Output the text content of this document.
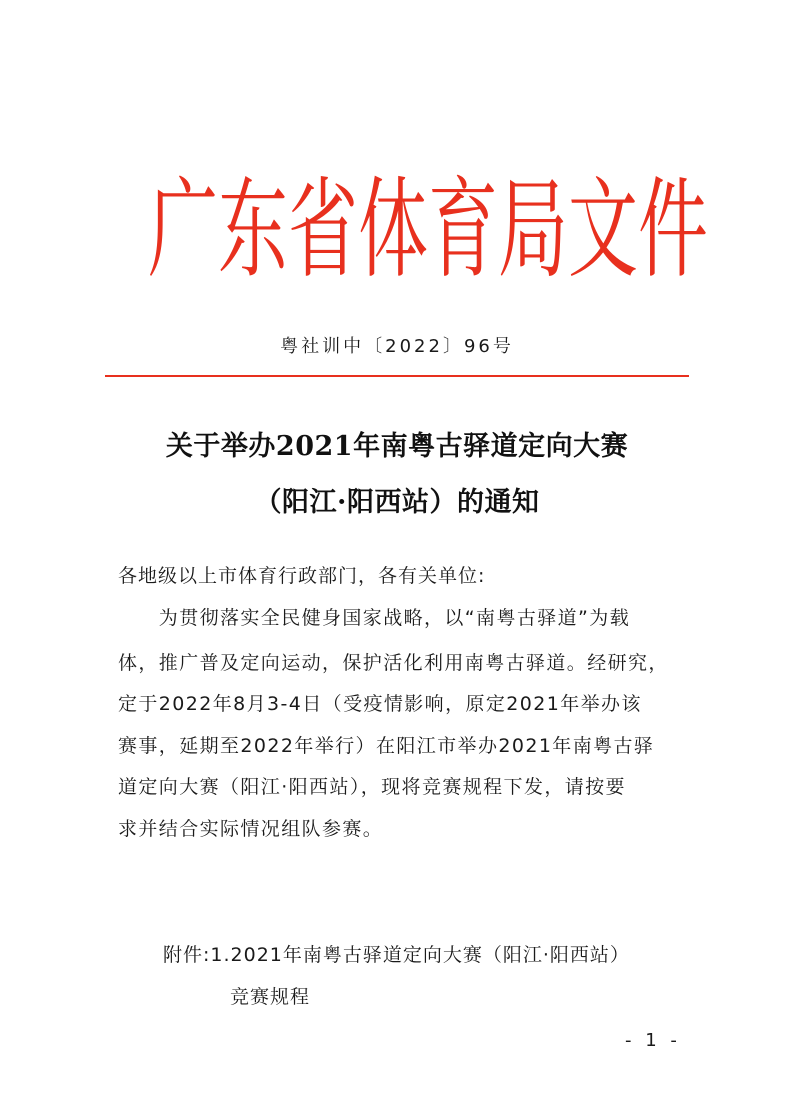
广 东 省 体 育 局 文 件
粤社训中〔2022〕96号
关于举办2021年南粤古驿道定向大赛
（阳江·阳西站）的通知
各地级以上市体育行政部门，各有关单位:
　　为贯彻落实全民健身国家战略，以“南粤古驿道”为载
体，推广普及定向运动，保护活化利用南粤古驿道。经研究，
定于2022年8月3-4日（受疫情影响，原定2021年举办该
赛事，延期至2022年举行）在阳江市举办2021年南粤古驿
道定向大赛（阳江·阳西站），现将竞赛规程下发，请按要
求并结合实际情况组队参赛。
附件:1.2021年南粤古驿道定向大赛（阳江·阳西站）
竞赛规程
- 1 -
